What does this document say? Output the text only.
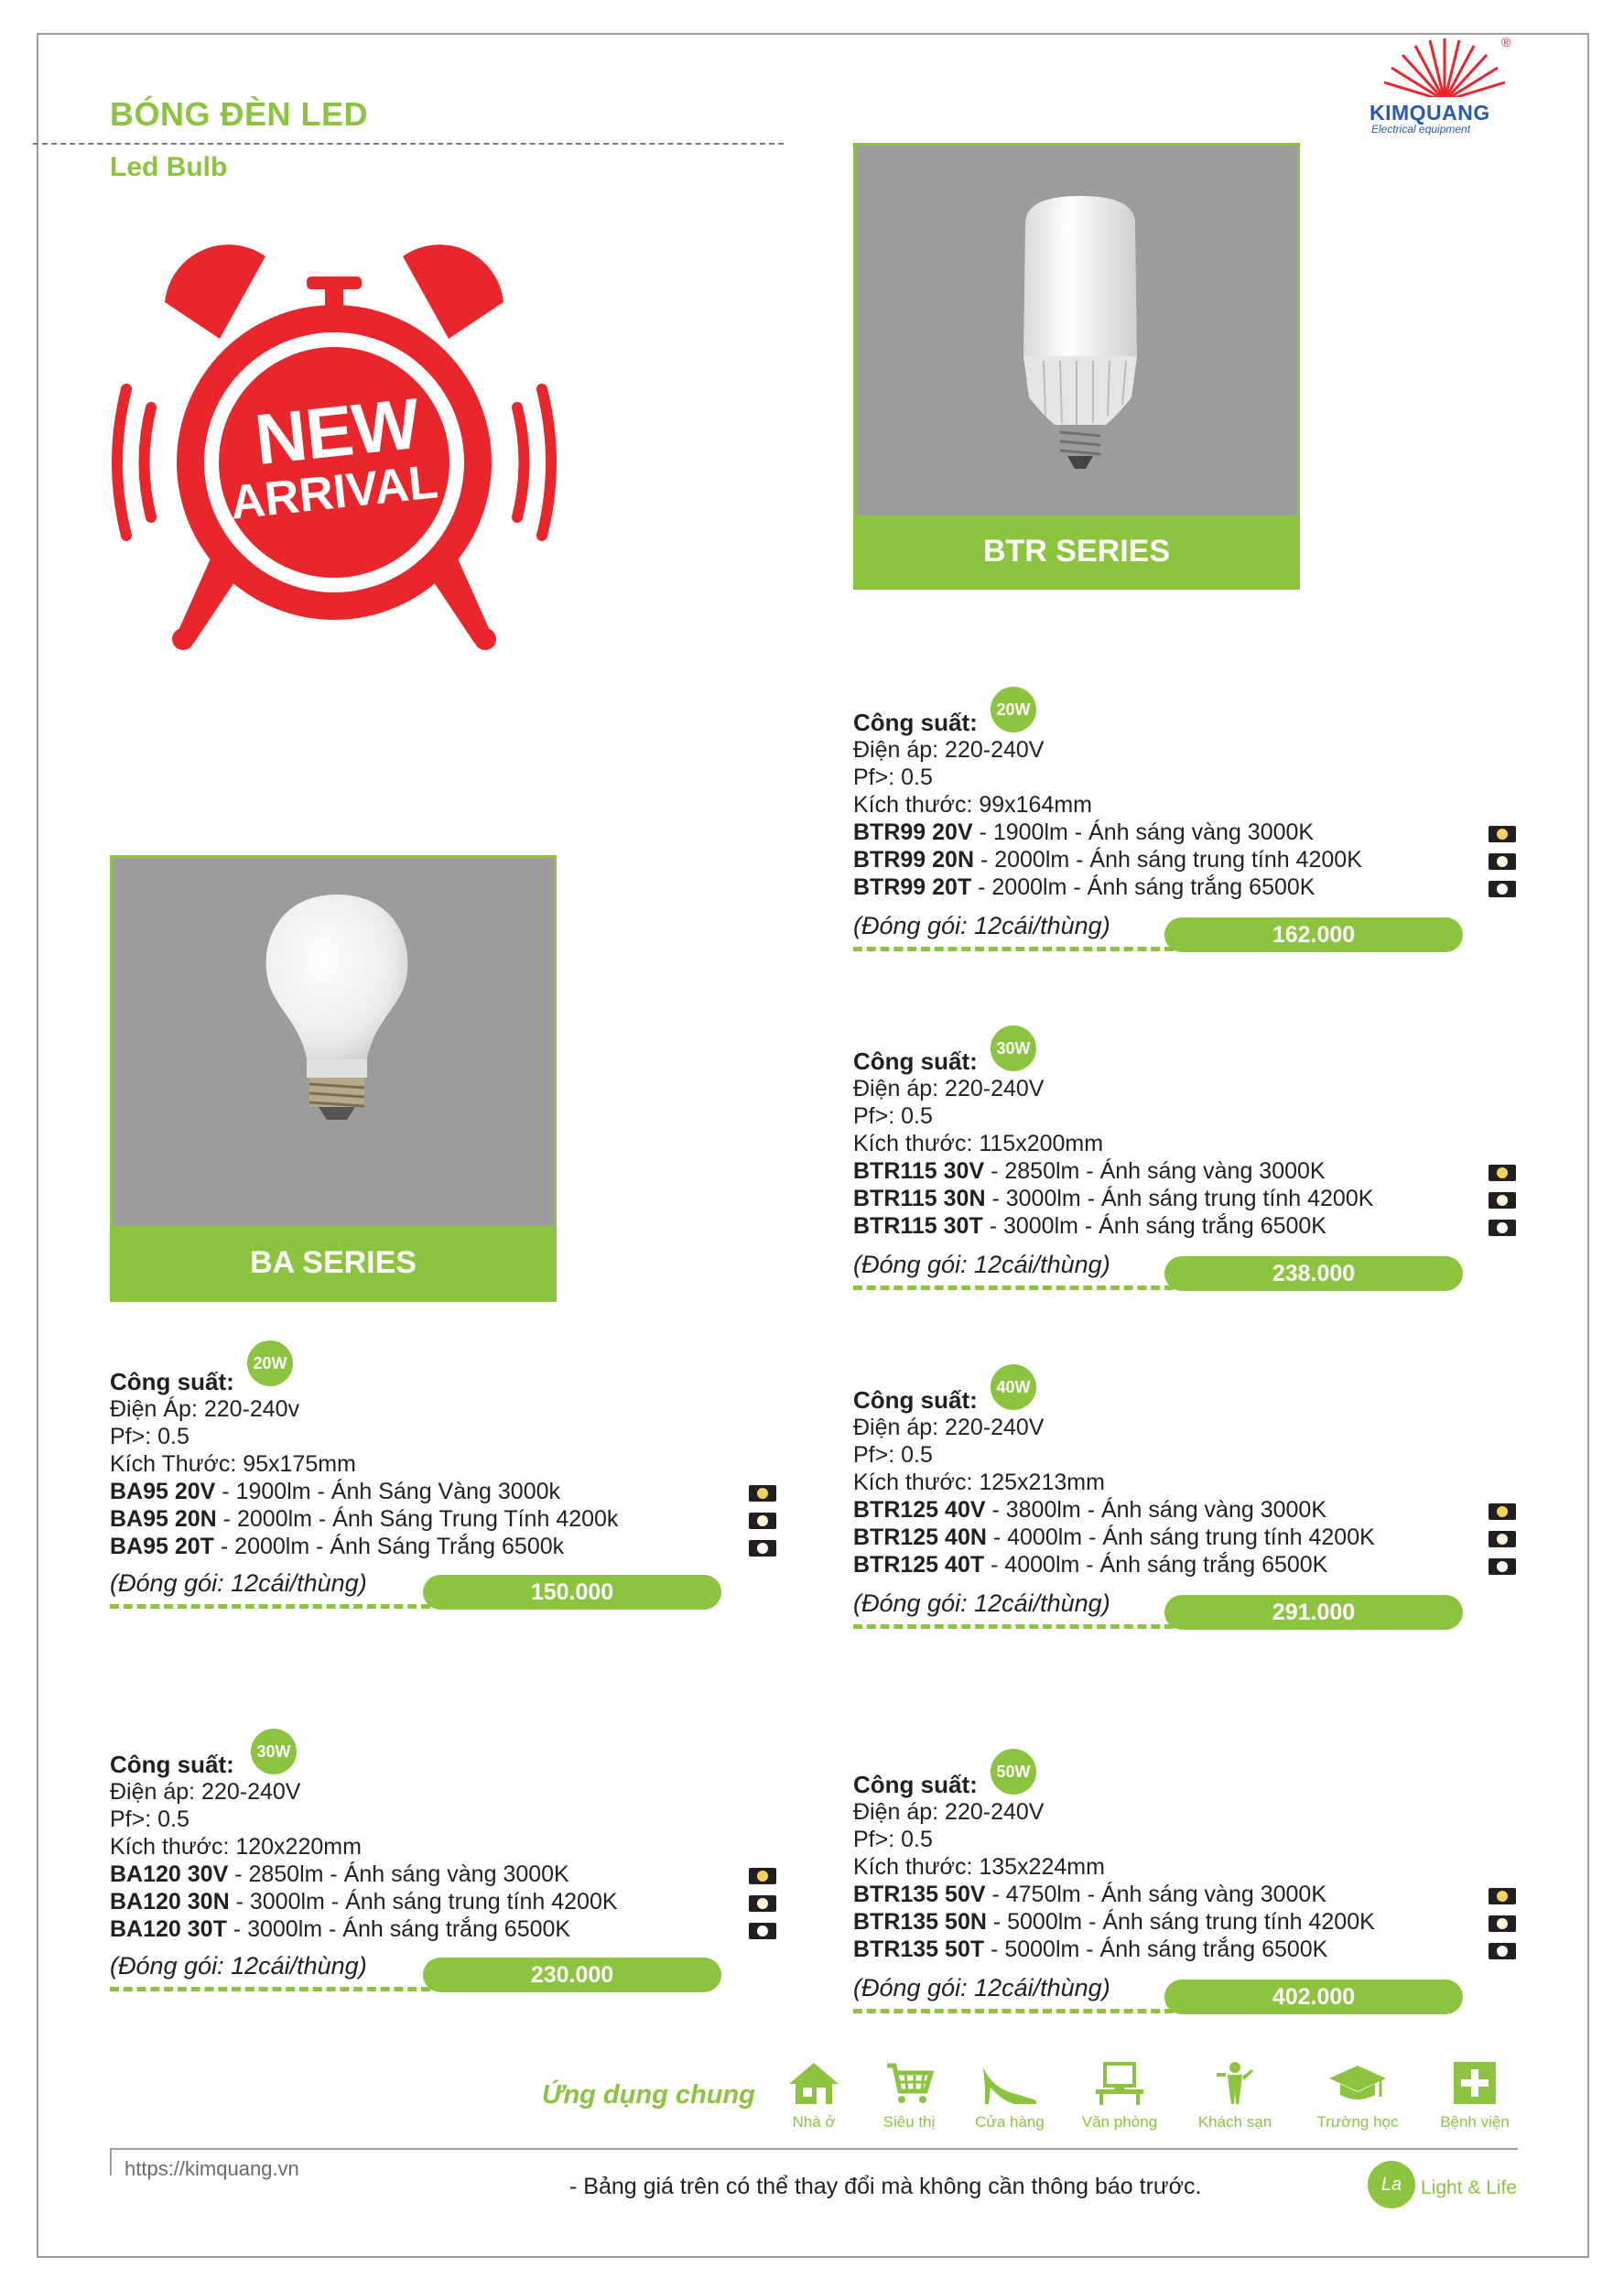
BÓNG ĐÈN LED
Led Bulb
®
KIMQUANG
Electrical equipment
NEW
ARRIVAL
BTR SERIES
BA SERIES
Công suất:
Điện áp: 220-240V
Pf>: 0.5
Kích thước: 99x164mm
BTR99 20V - 1900lm - Ánh sáng vàng 3000K
BTR99 20N - 2000lm - Ánh sáng trung tính 4200K
BTR99 20T - 2000lm - Ánh sáng trắng 6500K
20W
(Đóng gói: 12cái/thùng)	162.000
Công suất:
Điện áp: 220-240V
Pf>: 0.5
Kích thước: 115x200mm
BTR115 30V - 2850lm - Ánh sáng vàng 3000K
BTR115 30N - 3000lm - Ánh sáng trung tính 4200K
BTR115 30T - 3000lm - Ánh sáng trắng 6500K
30W
(Đóng gói: 12cái/thùng)	238.000
Công suất:
Điện áp: 220-240V
Pf>: 0.5
Kích thước: 125x213mm
BTR125 40V - 3800lm - Ánh sáng vàng 3000K
BTR125 40N - 4000lm - Ánh sáng trung tính 4200K
BTR125 40T - 4000lm - Ánh sáng trắng 6500K
40W
(Đóng gói: 12cái/thùng)	291.000
Công suất:
Điện áp: 220-240V
Pf>: 0.5
Kích thước: 135x224mm
BTR135 50V - 4750lm - Ánh sáng vàng 3000K
BTR135 50N - 5000lm - Ánh sáng trung tính 4200K
BTR135 50T - 5000lm - Ánh sáng trắng 6500K
50W
(Đóng gói: 12cái/thùng)	402.000
Công suất:
Điện Áp: 220-240v
Pf>: 0.5
Kích Thước: 95x175mm
BA95 20V - 1900lm - Ánh Sáng Vàng 3000k
BA95 20N - 2000lm - Ánh Sáng Trung Tính 4200k
BA95 20T - 2000lm - Ánh Sáng Trắng 6500k
20W
(Đóng gói: 12cái/thùng)	150.000
Công suất:
Điện áp: 220-240V
Pf>: 0.5
Kích thước: 120x220mm
BA120 30V - 2850lm - Ánh sáng vàng 3000K
BA120 30N - 3000lm - Ánh sáng trung tính 4200K
BA120 30T - 3000lm - Ánh sáng trắng 6500K
30W
(Đóng gói: 12cái/thùng)	230.000
Ứng dụng chung
Nhà ở	Siêu thị	Cửa hàng	Văn phòng	Khách sạn	Trường học	Bệnh viện
https://kimquang.vn
- Bảng giá trên có thể thay đổi mà không cần thông báo trước.	La Light & Life
